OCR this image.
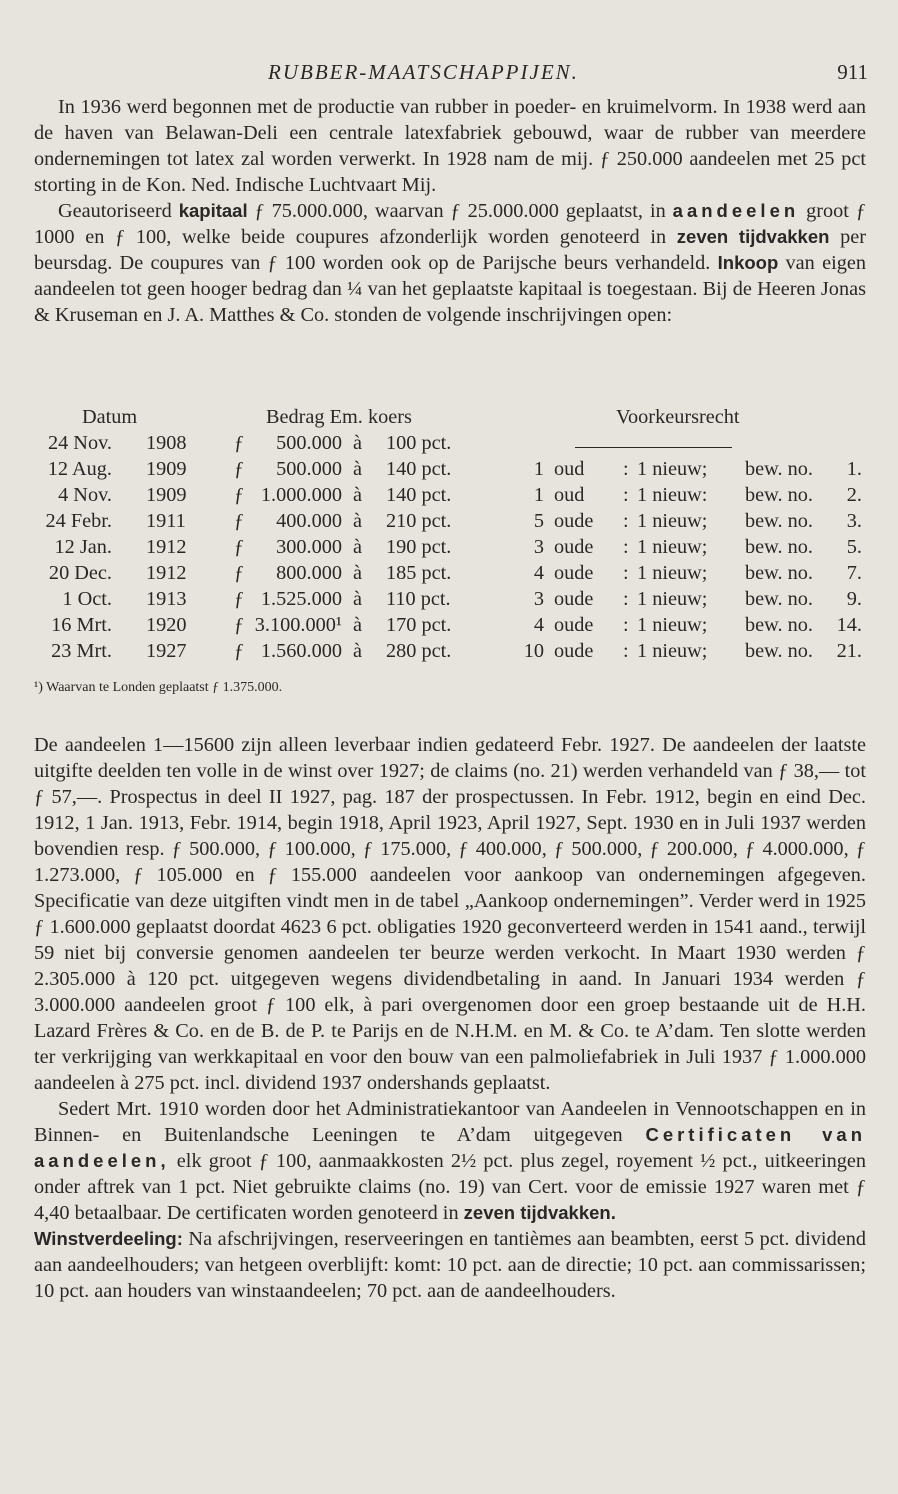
RUBBER-MAATSCHAPPIJEN.	911

In 1936 werd begonnen met de productie van rubber in poeder- en kruimelvorm. In 1938 werd aan de haven van Belawan-Deli een centrale latexfabriek gebouwd, waar de rubber van meerdere ondernemingen tot latex zal worden verwerkt. In 1928 nam de mij. ƒ 250.000 aandeelen met 25 pct storting in de Kon. Ned. Indische Luchtvaart Mij.

Geautoriseerd kapitaal ƒ 75.000.000, waarvan ƒ 25.000.000 geplaatst, in aandeelen groot ƒ 1000 en ƒ 100, welke beide coupures afzonderlijk worden genoteerd in zeven tijdvakken per beursdag. De coupures van ƒ 100 worden ook op de Parijsche beurs verhandeld. Inkoop van eigen aandeelen tot geen hooger bedrag dan ¼ van het geplaatste kapitaal is toegestaan. Bij de Heeren Jonas & Kruseman en J. A. Matthes & Co. stonden de volgende inschrijvingen open:

Datum	Bedrag Em. koers	Voorkeursrecht
24 Nov. 1908 ƒ	500.000 à 100 pct.
12 Aug. 1909 ƒ	500.000 à 140 pct.	1 oud : 1 nieuw; bew. no.	1.
4 Nov. 1909 ƒ 1.000.000 à 140 pct.	1 oud : 1 nieuw: bew. no.	2.
24 Febr. 1911 ƒ	400.000 à 210 pct.	5 oude : 1 nieuw; bew. no.	3.
12 Jan. 1912 ƒ	300.000 à 190 pct.	3 oude : 1 nieuw; bew. no.	5.
20 Dec. 1912 ƒ	800.000 à 185 pct.	4 oude : 1 nieuw; bew. no.	7.
1 Oct. 1913 ƒ 1.525.000 à 110 pct.	3 oude : 1 nieuw; bew. no.	9.
16 Mrt. 1920 ƒ 3.100.000¹ à 170 pct.	4 oude : 1 nieuw; bew. no.	14.
23 Mrt. 1927 ƒ 1.560.000 à 280 pct.	10 oude : 1 nieuw; bew. no.	21.
¹) Waarvan te Londen geplaatst ƒ 1.375.000.

De aandeelen 1—15600 zijn alleen leverbaar indien gedateerd Febr. 1927. De aandeelen der laatste uitgifte deelden ten volle in de winst over 1927; de claims (no. 21) werden verhandeld van ƒ 38,— tot ƒ 57,—. Prospectus in deel II 1927, pag. 187 der prospectussen. In Febr. 1912, begin en eind Dec. 1912, 1 Jan. 1913, Febr. 1914, begin 1918, April 1923, April 1927, Sept. 1930 en in Juli 1937 werden bovendien resp. ƒ 500.000, ƒ 100.000, ƒ 175.000, ƒ 400.000, ƒ 500.000, ƒ 200.000, ƒ 4.000.000, ƒ 1.273.000, ƒ 105.000 en ƒ 155.000 aandeelen voor aankoop van ondernemingen afgegeven. Specificatie van deze uitgiften vindt men in de tabel „Aankoop ondernemingen”. Verder werd in 1925 ƒ 1.600.000 geplaatst doordat 4623 6 pct. obligaties 1920 geconverteerd werden in 1541 aand., terwijl 59 niet bij conversie genomen aandeelen ter beurze werden verkocht. In Maart 1930 werden ƒ 2.305.000 à 120 pct. uitgegeven wegens dividendbetaling in aand. In Januari 1934 werden ƒ 3.000.000 aandeelen groot ƒ 100 elk, à pari overgenomen door een groep bestaande uit de H.H. Lazard Frères & Co. en de B. de P. te Parijs en de N.H.M. en M. & Co. te A’dam. Ten slotte werden ter verkrijging van werkkapitaal en voor den bouw van een palmoliefabriek in Juli 1937 ƒ 1.000.000 aandeelen à 275 pct. incl. dividend 1937 ondershands geplaatst.

Sedert Mrt. 1910 worden door het Administratiekantoor van Aandeelen in Vennootschappen en in Binnen- en Buitenlandsche Leeningen te A’dam uitgegeven Certificaten van aandeelen, elk groot ƒ 100, aanmaakkosten 2½ pct. plus zegel, royement ½ pct., uitkeeringen onder aftrek van 1 pct. Niet gebruikte claims (no. 19) van Cert. voor de emissie 1927 waren met ƒ 4,40 betaalbaar. De certificaten worden genoteerd in zeven tijdvakken.

Winstverdeeling: Na afschrijvingen, reserveeringen en tantièmes aan beambten, eerst 5 pct. dividend aan aandeelhouders; van hetgeen overblijft: komt: 10 pct. aan de directie; 10 pct. aan commissarissen; 10 pct. aan houders van winstaandeelen; 70 pct. aan de aandeelhouders.
